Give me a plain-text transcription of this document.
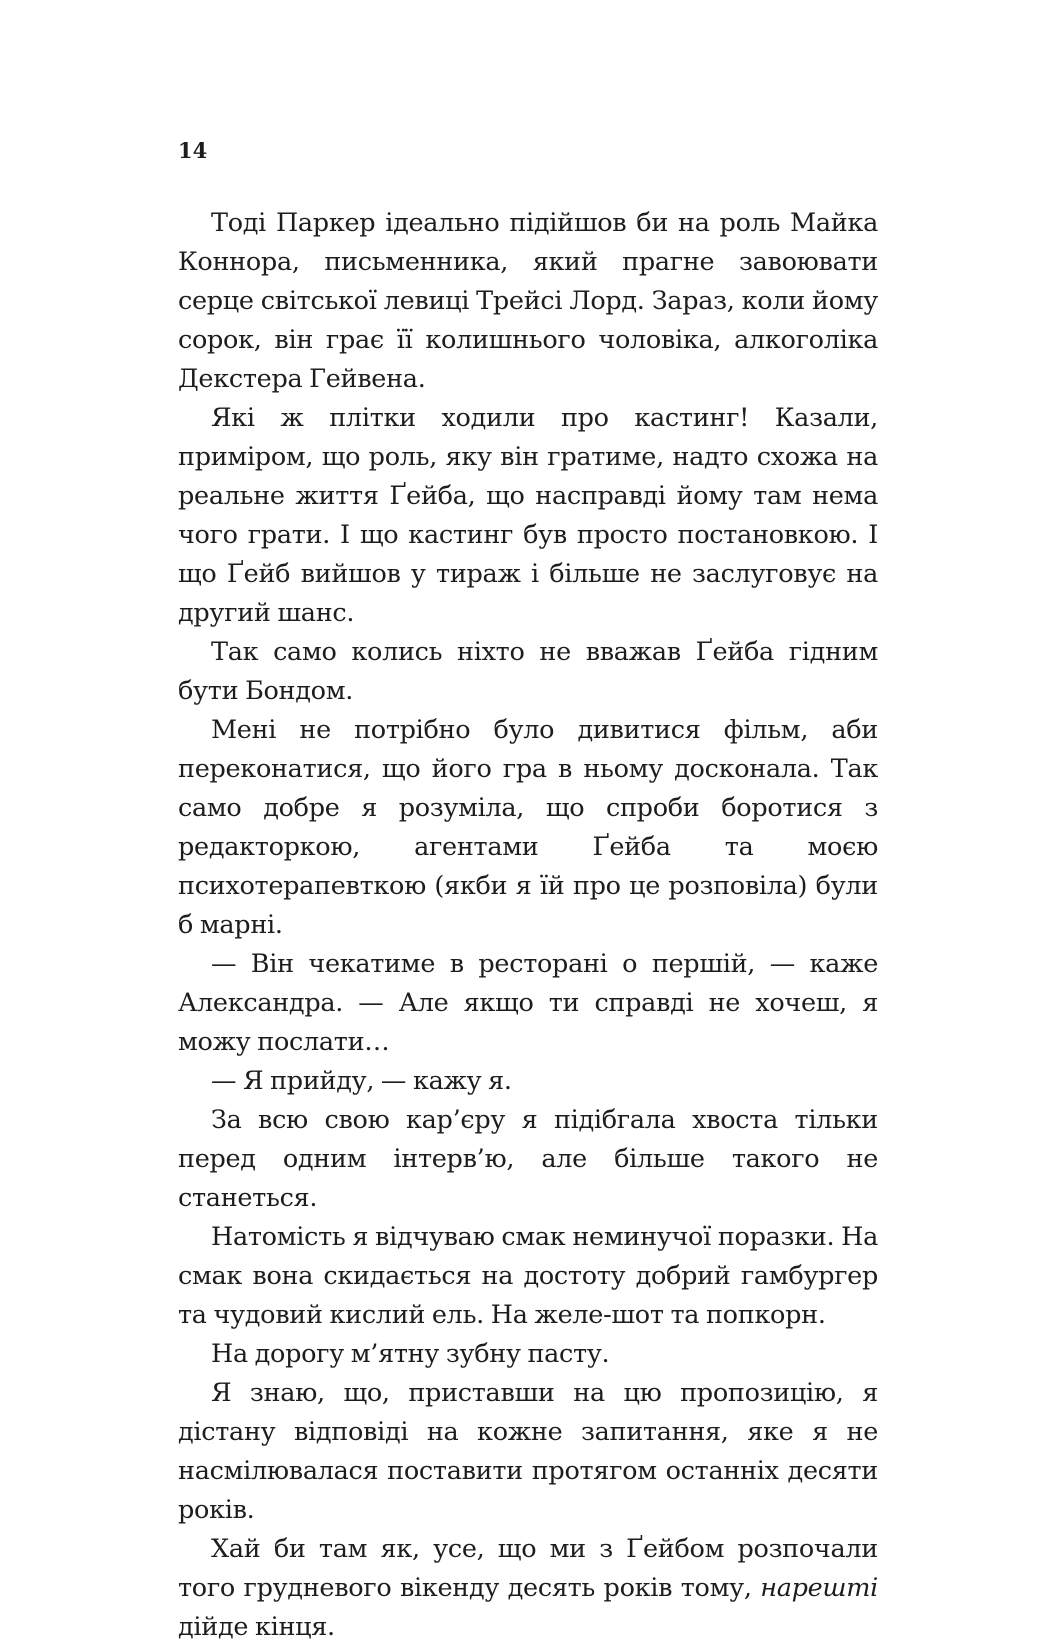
14

Тоді Паркер ідеально підійшов би на роль Майка Коннора, письменника, який прагне завоювати серце світської левиці Трейсі Лорд. Зараз, коли йому сорок, він грає її колишнього чоловіка, алкоголіка Декстера Гейвена.

Які ж плітки ходили про кастинг! Казали, приміром, що роль, яку він гратиме, надто схожа на реальне життя Ґейба, що насправді йому там нема чого грати. І що кастинг був просто постановкою. І що Ґейб вийшов у тираж і більше не заслуговує на другий шанс.

Так само колись ніхто не вважав Ґейба гідним бути Бондом.

Мені не потрібно було дивитися фільм, аби переконатися, що його гра в ньому досконала. Так само добре я розуміла, що спроби боротися з редакторкою, агентами Ґейба та моєю психотерапевткою (якби я їй про це розповіла) були б марні.

— Він чекатиме в ресторані о першій, — каже Александра. — Але якщо ти справді не хочеш, я можу послати…

— Я прийду, — кажу я.

За всю свою кар’єру я підібгала хвоста тільки перед одним інтерв’ю, але більше такого не станеться.

Натомість я відчуваю смак неминучої поразки. На смак вона скидається на достоту добрий гамбургер та чудовий кислий ель. На желе-шот та попкорн.

На дорогу м’ятну зубну пасту.

Я знаю, що, приставши на цю пропозицію, я дістану відповіді на кожне запитання, яке я не насмілювалася поставити протягом останніх десяти років.

Хай би там як, усе, що ми з Ґейбом розпочали того грудневого вікенду десять років тому, нарешті дійде кінця.
